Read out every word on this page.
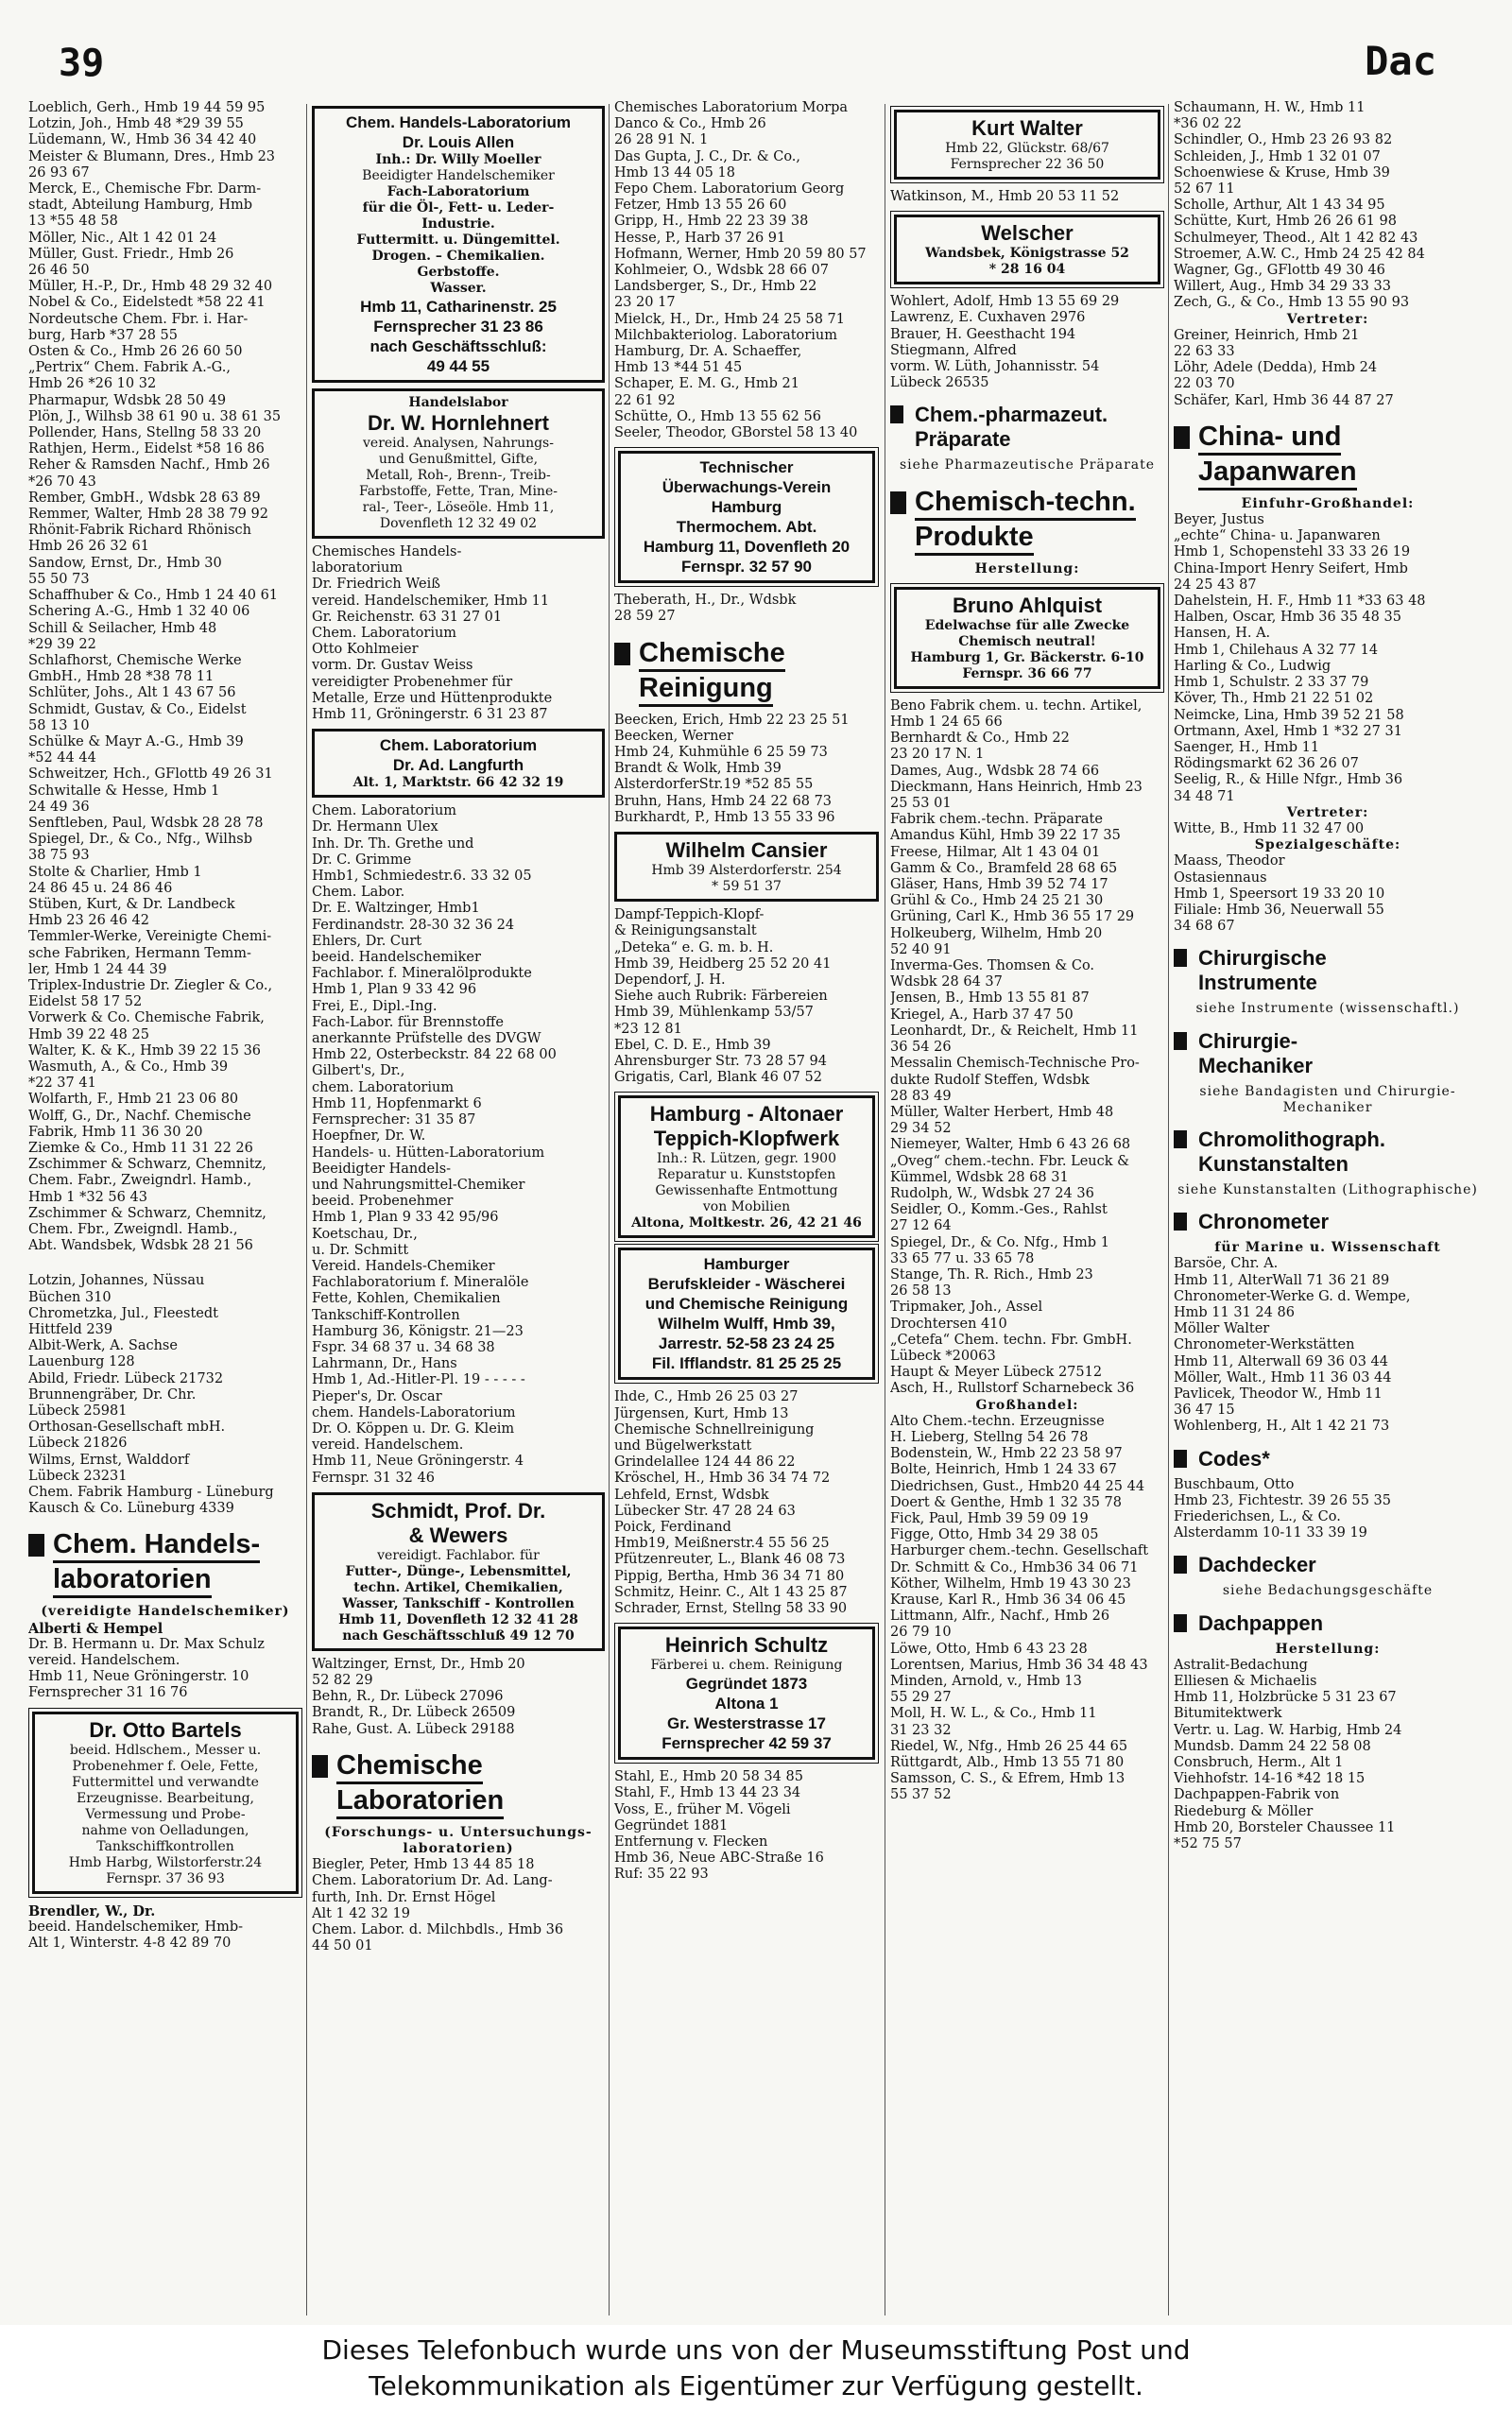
39	Dac
Loeblich, Gerh., Hmb 19 44 59 95
Lotzin, Joh., Hmb 48 *29 39 55
Lüdemann, W., Hmb 36 34 42 40
Meister & Blumann, Dres., Hmb 23
26 93 67
Merck, E., Chemische Fbr. Darm-
stadt, Abteilung Hamburg, Hmb
13 *55 48 58
Möller, Nic., Alt 1 42 01 24
Müller, Gust. Friedr., Hmb 26
26 46 50
Müller, H.-P., Dr., Hmb 48 29 32 40
Nobel & Co., Eidelstedt *58 22 41
Nordeutsche Chem. Fbr. i. Har-
burg, Harb *37 28 55
Osten & Co., Hmb 26 26 60 50
„Pertrix“ Chem. Fabrik A.-G.,
Hmb 26 *26 10 32
Pharmapur, Wdsbk 28 50 49
Plön, J., Wilhsb 38 61 90 u. 38 61 35
Pollender, Hans, Stellng 58 33 20
Rathjen, Herm., Eidelst *58 16 86
Reher & Ramsden Nachf., Hmb 26
*26 70 43
Rember, GmbH., Wdsbk 28 63 89
Remmer, Walter, Hmb 28 38 79 92
Rhönit-Fabrik Richard Rhönisch
Hmb 26 26 32 61
Sandow, Ernst, Dr., Hmb 30
55 50 73
Schaffhuber & Co., Hmb 1 24 40 61
Schering A.-G., Hmb 1 32 40 06
Schill & Seilacher, Hmb 48
*29 39 22
Schlafhorst, Chemische Werke
GmbH., Hmb 28 *38 78 11
Schlüter, Johs., Alt 1 43 67 56
Schmidt, Gustav, & Co., Eidelst
58 13 10
Schülke & Mayr A.-G., Hmb 39
*52 44 44
Schweitzer, Hch., GFlottb 49 26 31
Schwitalle & Hesse, Hmb 1
24 49 36
Senftleben, Paul, Wdsbk 28 28 78
Spiegel, Dr., & Co., Nfg., Wilhsb
38 75 93
Stolte & Charlier, Hmb 1
24 86 45 u. 24 86 46
Stüben, Kurt, & Dr. Landbeck
Hmb 23 26 46 42
Temmler-Werke, Vereinigte Chemi-
sche Fabriken, Hermann Temm-
ler, Hmb 1 24 44 39
Triplex-Industrie Dr. Ziegler & Co.,
Eidelst 58 17 52
Vorwerk & Co. Chemische Fabrik,
Hmb 39 22 48 25
Walter, K. & K., Hmb 39 22 15 36
Wasmuth, A., & Co., Hmb 39
*22 37 41
Wolfarth, F., Hmb 21 23 06 80
Wolff, G., Dr., Nachf. Chemische
Fabrik, Hmb 11 36 30 20
Ziemke & Co., Hmb 11 31 22 26
Zschimmer & Schwarz, Chemnitz,
Chem. Fabr., Zweigndrl. Hamb.,
Hmb 1 *32 56 43
Zschimmer & Schwarz, Chemnitz,
Chem. Fbr., Zweigndl. Hamb.,
Abt. Wandsbek, Wdsbk 28 21 56
Lotzin, Johannes, Nüssau
Büchen 310
Chrometzka, Jul., Fleestedt
Hittfeld 239
Albit-Werk, A. Sachse
Lauenburg 128
Abild, Friedr. Lübeck 21732
Brunnengräber, Dr. Chr.
Lübeck 25981
Orthosan-Gesellschaft mbH.
Lübeck 21826
Wilms, Ernst, Walddorf
Lübeck 23231
Chem. Fabrik Hamburg - Lüneburg
Kausch & Co. Lüneburg 4339
Chem. Handels-
laboratorien
(vereidigte Handelschemiker)
Alberti & Hempel
Dr. B. Hermann u. Dr. Max Schulz
vereid. Handelschem.
Hmb 11, Neue Gröningerstr. 10
Fernsprecher 31 16 76
Dr. Otto Bartels
beeid. Hdlschem., Messer u.
Probenehmer f. Oele, Fette,
Futtermittel und verwandte
Erzeugnisse. Bearbeitung,
Vermessung und Probe-
nahme von Oelladungen,
Tankschiffkontrollen
Hmb Harbg, Wilstorferstr.24
Fernspr. 37 36 93
Brendler, W., Dr.
beeid. Handelschemiker, Hmb-
Alt 1, Winterstr. 4-8 42 89 70
Chem. Handels-Laboratorium
Dr. Louis Allen
Inh.: Dr. Willy Moeller
Beeidigter Handelschemiker
Fach-Laboratorium
für die Öl-, Fett- u. Leder-
Industrie.
Futtermitt. u. Düngemittel.
Drogen. – Chemikalien.
Gerbstoffe.
Wasser.
Hmb 11, Catharinenstr. 25
Fernsprecher 31 23 86
nach Geschäftsschluß:
49 44 55
Handelslabor
Dr. W. Hornlehnert
vereid. Analysen, Nahrungs-
und Genußmittel, Gifte,
Metall, Roh-, Brenn-, Treib-
Farbstoffe, Fette, Tran, Mine-
ral-, Teer-, Löseöle. Hmb 11,
Dovenfleth 12 32 49 02
Chemisches Handels-
laboratorium
Dr. Friedrich Weiß
vereid. Handelschemiker, Hmb 11
Gr. Reichenstr. 63 31 27 01
Chem. Laboratorium
Otto Kohlmeier
vorm. Dr. Gustav Weiss
vereidigter Probenehmer für
Metalle, Erze und Hüttenprodukte
Hmb 11, Gröningerstr. 6 31 23 87
Chem. Laboratorium
Dr. Ad. Langfurth
Alt. 1, Marktstr. 66 42 32 19
Chem. Laboratorium
Dr. Hermann Ulex
Inh. Dr. Th. Grethe und
Dr. C. Grimme
Hmb1, Schmiedestr.6. 33 32 05
Chem. Labor.
Dr. E. Waltzinger, Hmb1
Ferdinandstr. 28-30 32 36 24
Ehlers, Dr. Curt
beeid. Handelschemiker
Fachlabor. f. Mineralölprodukte
Hmb 1, Plan 9 33 42 96
Frei, E., Dipl.-Ing.
Fach-Labor. für Brennstoffe
anerkannte Prüfstelle des DVGW
Hmb 22, Osterbeckstr. 84 22 68 00
Gilbert's, Dr.,
chem. Laboratorium
Hmb 11, Hopfenmarkt 6
Fernsprecher: 31 35 87
Hoepfner, Dr. W.
Handels- u. Hütten-Laboratorium
Beeidigter Handels-
und Nahrungsmittel-Chemiker
beeid. Probenehmer
Hmb 1, Plan 9 33 42 95/96
Koetschau, Dr.,
u. Dr. Schmitt
Vereid. Handels-Chemiker
Fachlaboratorium f. Mineralöle
Fette, Kohlen, Chemikalien
Tankschiff-Kontrollen
Hamburg 36, Königstr. 21—23
Fspr. 34 68 37 u. 34 68 38
Lahrmann, Dr., Hans
Hmb 1, Ad.-Hitler-Pl. 19 - - - - -
Pieper's, Dr. Oscar
chem. Handels-Laboratorium
Dr. O. Köppen u. Dr. G. Kleim
vereid. Handelschem.
Hmb 11, Neue Gröningerstr. 4
Fernspr. 31 32 46
Schmidt, Prof. Dr.
& Wewers
vereidigt. Fachlabor. für
Futter-, Dünge-, Lebensmittel,
techn. Artikel, Chemikalien,
Wasser, Tankschiff - Kontrollen
Hmb 11, Dovenfleth 12 32 41 28
nach Geschäftsschluß 49 12 70
Waltzinger, Ernst, Dr., Hmb 20
52 82 29
Behn, R., Dr. Lübeck 27096
Brandt, R., Dr. Lübeck 26509
Rahe, Gust. A. Lübeck 29188
Chemische
Laboratorien
(Forschungs- u. Untersuchungs-laboratorien)
Biegler, Peter, Hmb 13 44 85 18
Chem. Laboratorium Dr. Ad. Lang-
furth, Inh. Dr. Ernst Högel
Alt 1 42 32 19
Chem. Labor. d. Milchbdls., Hmb 36
44 50 01
Chemisches Laboratorium Morpa
Danco & Co., Hmb 26
26 28 91 N. 1
Das Gupta, J. C., Dr. & Co.,
Hmb 13 44 05 18
Fepo Chem. Laboratorium Georg
Fetzer, Hmb 13 55 26 60
Gripp, H., Hmb 22 23 39 38
Hesse, P., Harb 37 26 91
Hofmann, Werner, Hmb 20 59 80 57
Kohlmeier, O., Wdsbk 28 66 07
Landsberger, S., Dr., Hmb 22
23 20 17
Mielck, H., Dr., Hmb 24 25 58 71
Milchbakteriolog. Laboratorium
Hamburg, Dr. A. Schaeffer,
Hmb 13 *44 51 45
Schaper, E. M. G., Hmb 21
22 61 92
Schütte, O., Hmb 13 55 62 56
Seeler, Theodor, GBorstel 58 13 40
Technischer
Überwachungs-Verein
Hamburg
Thermochem. Abt.
Hamburg 11, Dovenfleth 20
Fernspr. 32 57 90
Theberath, H., Dr., Wdsbk
28 59 27
Chemische
Reinigung
Beecken, Erich, Hmb 22 23 25 51
Beecken, Werner
Hmb 24, Kuhmühle 6 25 59 73
Brandt & Wolk, Hmb 39
AlsterdorferStr.19 *52 85 55
Bruhn, Hans, Hmb 24 22 68 73
Burkhardt, P., Hmb 13 55 33 96
Wilhelm Cansier
Hmb 39 Alsterdorferstr. 254
* 59 51 37
Dampf-Teppich-Klopf-
& Reinigungsanstalt
„Deteka“ e. G. m. b. H.
Hmb 39, Heidberg 25 52 20 41
Dependorf, J. H.
Siehe auch Rubrik: Färbereien
Hmb 39, Mühlenkamp 53/57
*23 12 81
Ebel, C. D. E., Hmb 39
Ahrensburger Str. 73 28 57 94
Grigatis, Carl, Blank 46 07 52
Hamburg - Altonaer
Teppich-Klopfwerk
Inh.: R. Lützen, gegr. 1900
Reparatur u. Kunststopfen
Gewissenhafte Entmottung
von Mobilien
Altona, Moltkestr. 26, 42 21 46
Hamburger
Berufskleider - Wäscherei
und Chemische Reinigung
Wilhelm Wulff, Hmb 39,
Jarrestr. 52-58 23 24 25
Fil. Ifflandstr. 81 25 25 25
Ihde, C., Hmb 26 25 03 27
Jürgensen, Kurt, Hmb 13
Chemische Schnellreinigung
und Bügelwerkstatt
Grindelallee 124 44 86 22
Kröschel, H., Hmb 36 34 74 72
Lehfeld, Ernst, Wdsbk
Lübecker Str. 47 28 24 63
Poick, Ferdinand
Hmb19, Meißnerstr.4 55 56 25
Pfützenreuter, L., Blank 46 08 73
Pippig, Bertha, Hmb 36 34 71 80
Schmitz, Heinr. C., Alt 1 43 25 87
Schrader, Ernst, Stellng 58 33 90
Heinrich Schultz
Färberei u. chem. Reinigung
Gegründet 1873
Altona 1
Gr. Westerstrasse 17
Fernsprecher 42 59 37
Stahl, E., Hmb 20 58 34 85
Stahl, F., Hmb 13 44 23 34
Voss, E., früher M. Vögeli
Gegründet 1881
Entfernung v. Flecken
Hmb 36, Neue ABC-Straße 16
Ruf: 35 22 93
Kurt Walter
Hmb 22, Glückstr. 68/67
Fernsprecher 22 36 50
Watkinson, M., Hmb 20 53 11 52
Welscher
Wandsbek, Königstrasse 52
* 28 16 04
Wohlert, Adolf, Hmb 13 55 69 29
Lawrenz, E. Cuxhaven 2976
Brauer, H. Geesthacht 194
Stiegmann, Alfred
vorm. W. Lüth, Johannisstr. 54
Lübeck 26535
Chem.-pharmazeut.
Präparate
siehe Pharmazeutische Präparate
Chemisch-techn.
Produkte
Herstellung:
Bruno Ahlquist
Edelwachse für alle Zwecke
Chemisch neutral!
Hamburg 1, Gr. Bäckerstr. 6-10
Fernspr. 36 66 77
Beno Fabrik chem. u. techn. Artikel,
Hmb 1 24 65 66
Bernhardt & Co., Hmb 22
23 20 17 N. 1
Dames, Aug., Wdsbk 28 74 66
Dieckmann, Hans Heinrich, Hmb 23
25 53 01
Fabrik chem.-techn. Präparate
Amandus Kühl, Hmb 39 22 17 35
Freese, Hilmar, Alt 1 43 04 01
Gamm & Co., Bramfeld 28 68 65
Gläser, Hans, Hmb 39 52 74 17
Grühl & Co., Hmb 24 25 21 30
Grüning, Carl K., Hmb 36 55 17 29
Holkeuberg, Wilhelm, Hmb 20
52 40 91
Inverma-Ges. Thomsen & Co.
Wdsbk 28 64 37
Jensen, B., Hmb 13 55 81 87
Kriegel, A., Harb 37 47 50
Leonhardt, Dr., & Reichelt, Hmb 11
36 54 26
Messalin Chemisch-Technische Pro-
dukte Rudolf Steffen, Wdsbk
28 83 49
Müller, Walter Herbert, Hmb 48
29 34 52
Niemeyer, Walter, Hmb 6 43 26 68
„Oveg“ chem.-techn. Fbr. Leuck &
Kümmel, Wdsbk 28 68 31
Rudolph, W., Wdsbk 27 24 36
Seidler, O., Komm.-Ges., Rahlst
27 12 64
Spiegel, Dr., & Co. Nfg., Hmb 1
33 65 77 u. 33 65 78
Stange, Th. R. Rich., Hmb 23
26 58 13
Tripmaker, Joh., Assel
Drochtersen 410
„Cetefa“ Chem. techn. Fbr. GmbH.
Lübeck *20063
Haupt & Meyer Lübeck 27512
Asch, H., Rullstorf Scharnebeck 36
Großhandel:
Alto Chem.-techn. Erzeugnisse
H. Lieberg, Stellng 54 26 78
Bodenstein, W., Hmb 22 23 58 97
Bolte, Heinrich, Hmb 1 24 33 67
Diedrichsen, Gust., Hmb20 44 25 44
Doert & Genthe, Hmb 1 32 35 78
Fick, Paul, Hmb 39 59 09 19
Figge, Otto, Hmb 34 29 38 05
Harburger chem.-techn. Gesellschaft
Dr. Schmitt & Co., Hmb36 34 06 71
Köther, Wilhelm, Hmb 19 43 30 23
Krause, Karl R., Hmb 36 34 06 45
Littmann, Alfr., Nachf., Hmb 26
26 79 10
Löwe, Otto, Hmb 6 43 23 28
Lorentsen, Marius, Hmb 36 34 48 43
Minden, Arnold, v., Hmb 13
55 29 27
Moll, H. W. L., & Co., Hmb 11
31 23 32
Riedel, W., Nfg., Hmb 26 25 44 65
Rüttgardt, Alb., Hmb 13 55 71 80
Samsson, C. S., & Efrem, Hmb 13
55 37 52
Schaumann, H. W., Hmb 11
*36 02 22
Schindler, O., Hmb 23 26 93 82
Schleiden, J., Hmb 1 32 01 07
Schoenwiese & Kruse, Hmb 39
52 67 11
Scholle, Arthur, Alt 1 43 34 95
Schütte, Kurt, Hmb 26 26 61 98
Schulmeyer, Theod., Alt 1 42 82 43
Stroemer, A.W. C., Hmb 24 25 42 84
Wagner, Gg., GFlottb 49 30 46
Willert, Aug., Hmb 34 29 33 33
Zech, G., & Co., Hmb 13 55 90 93
Vertreter:
Greiner, Heinrich, Hmb 21
22 63 33
Löhr, Adele (Dedda), Hmb 24
22 03 70
Schäfer, Karl, Hmb 36 44 87 27
China- und
Japanwaren
Einfuhr-Großhandel:
Beyer, Justus
„echte“ China- u. Japanwaren
Hmb 1, Schopenstehl 33 33 26 19
China-Import Henry Seifert, Hmb
24 25 43 87
Dahelstein, H. F., Hmb 11 *33 63 48
Halben, Oscar, Hmb 36 35 48 35
Hansen, H. A.
Hmb 1, Chilehaus A 32 77 14
Harling & Co., Ludwig
Hmb 1, Schulstr. 2 33 37 79
Köver, Th., Hmb 21 22 51 02
Neimcke, Lina, Hmb 39 52 21 58
Ortmann, Axel, Hmb 1 *32 27 31
Saenger, H., Hmb 11
Rödingsmarkt 62 36 26 07
Seelig, R., & Hille Nfgr., Hmb 36
34 48 71
Vertreter:
Witte, B., Hmb 11 32 47 00
Spezialgeschäfte:
Maass, Theodor
Ostasiennaus
Hmb 1, Speersort 19 33 20 10
Filiale: Hmb 36, Neuerwall 55
34 68 67
Chirurgische
Instrumente
siehe Instrumente (wissenschaftl.)
Chirurgie-
Mechaniker
siehe Bandagisten und Chirurgie-Mechaniker
Chromolithograph.
Kunstanstalten
siehe Kunstanstalten (Lithographische)
Chronometer
für Marine u. Wissenschaft
Barsöe, Chr. A.
Hmb 11, AlterWall 71 36 21 89
Chronometer-Werke G. d. Wempe,
Hmb 11 31 24 86
Möller Walter
Chronometer-Werkstätten
Hmb 11, Alterwall 69 36 03 44
Möller, Walt., Hmb 11 36 03 44
Pavlicek, Theodor W., Hmb 11
36 47 15
Wohlenberg, H., Alt 1 42 21 73
Codes*
Buschbaum, Otto
Hmb 23, Fichtestr. 39 26 55 35
Friederichsen, L., & Co.
Alsterdamm 10-11 33 39 19
Dachdecker
siehe Bedachungsgeschäfte
Dachpappen
Herstellung:
Astralit-Bedachung
Elliesen & Michaelis
Hmb 11, Holzbrücke 5 31 23 67
Bitumitektwerk
Vertr. u. Lag. W. Harbig, Hmb 24
Mundsb. Damm 24 22 58 08
Consbruch, Herm., Alt 1
Viehhofstr. 14-16 *42 18 15
Dachpappen-Fabrik von
Riedeburg & Möller
Hmb 20, Borsteler Chaussee 11
*52 75 57
Dieses Telefonbuch wurde uns von der Museumsstiftung Post und
Telekommunikation als Eigentümer zur Verfügung gestellt.
